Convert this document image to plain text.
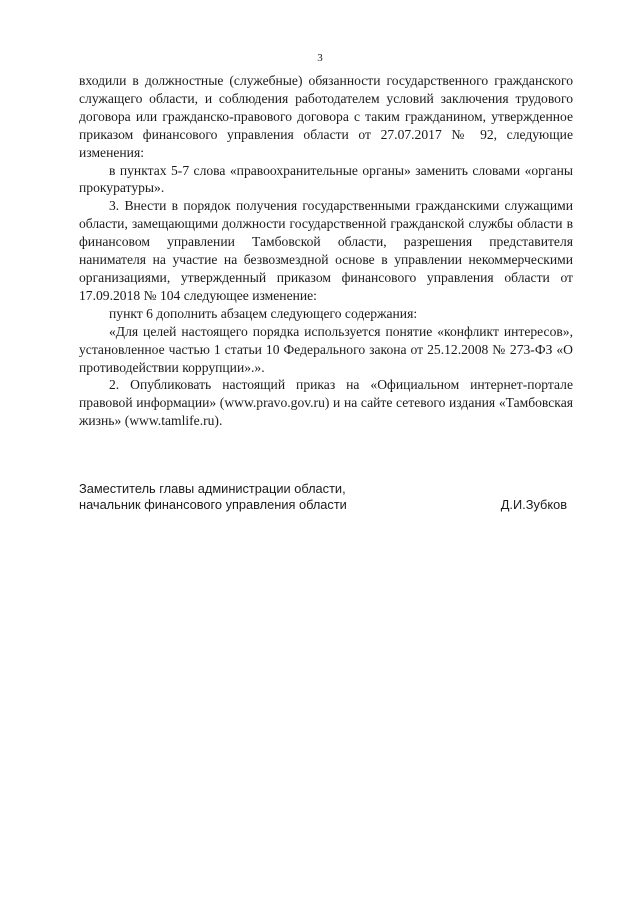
3

входили в должностные (служебные) обязанности государственного гражданского служащего области, и соблюдения работодателем условий заключения трудового договора или гражданско-правового договора с таким гражданином, утвержденное приказом финансового управления области от 27.07.2017 № 92, следующие изменения:

в пунктах 5-7 слова «правоохранительные органы» заменить словами «органы прокуратуры».

3. Внести в порядок получения государственными гражданскими служащими области, замещающими должности государственной гражданской службы области в финансовом управлении Тамбовской области, разрешения представителя нанимателя на участие на безвозмездной основе в управлении некоммерческими организациями, утвержденный приказом финансового управления области от 17.09.2018 № 104 следующее изменение:

пункт 6 дополнить абзацем следующего содержания:

«Для целей настоящего порядка используется понятие «конфликт интересов», установленное частью 1 статьи 10 Федерального закона от 25.12.2008 № 273-ФЗ «О противодействии коррупции».».

2. Опубликовать настоящий приказ на «Официальном интернет-портале правовой информации» (www.pravo.gov.ru) и на сайте сетевого издания «Тамбовская жизнь» (www.tamlife.ru).

Заместитель главы администрации области,
начальник финансового управления области	Д.И.Зубков
